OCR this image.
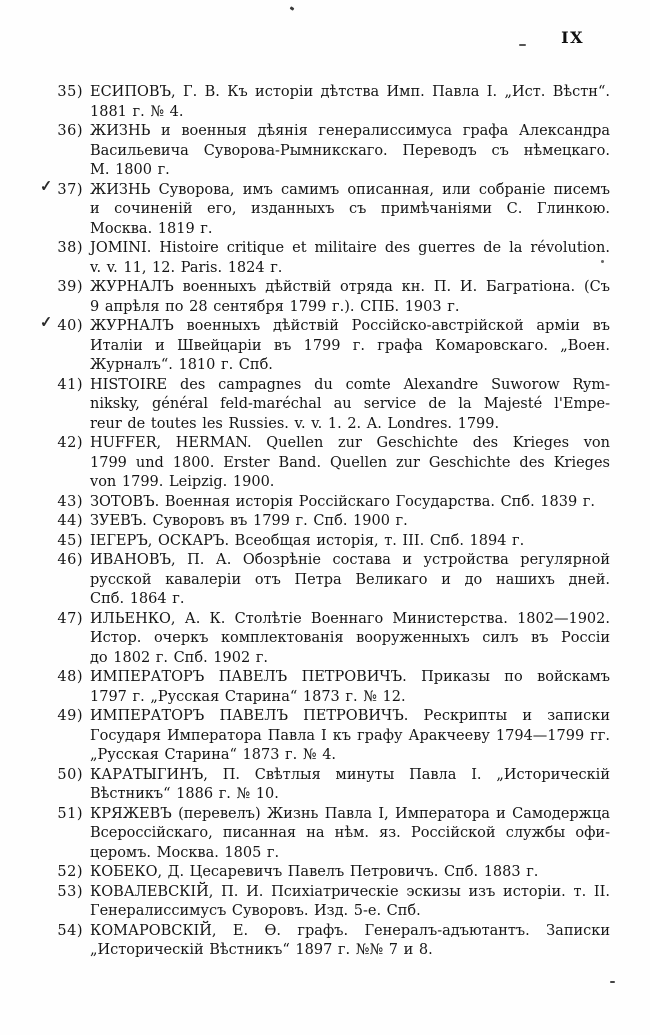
IX
35) ЕСИПОВЪ, Г. В. Къ исторіи дѣтства Имп. Павла I. „Ист. Вѣстн“.
1881 г. № 4.
36) ЖИЗНЬ и военныя дѣянія генералиссимуса графа Александра
Васильевича Суворова-Рымникскаго. Переводъ съ нѣмецкаго.
М. 1800 г.
✓ 37) ЖИЗНЬ Суворова, имъ самимъ описанная, или собраніе писемъ
и сочиненій его, изданныхъ съ примѣчаніями С. Глинкою.
Москва. 1819 г.
38) JOMINI. Histoire critique et militaire des guerres de la révolution.
v. v. 11, 12. Paris. 1824 г.
39) ЖУРНАЛЪ военныхъ дѣйствій отряда кн. П. И. Багратіона. (Съ
9 апрѣля по 28 сентября 1799 г.). СПБ. 1903 г.
✓ 40) ЖУРНАЛЪ военныхъ дѣйствій Россійско-австрійской арміи въ
Италіи и Швейцаріи въ 1799 г. графа Комаровскаго. „Воен.
Журналъ“. 1810 г. Спб.
41) HISTOIRE des campagnes du comte Alexandre Suworow Rym-
niksky, général feld-maréchal au service de la Majesté l'Empe-
reur de toutes les Russies. v. v. 1. 2. A. Londres. 1799.
42) HUFFER, HERMAN. Quellen zur Geschichte des Krieges von
1799 und 1800. Erster Band. Quellen zur Geschichte des Krieges
von 1799. Leipzig. 1900.
43) ЗОТОВЪ. Военная исторія Россійскаго Государства. Спб. 1839 г.
44) ЗУЕВЪ. Суворовъ въ 1799 г. Спб. 1900 г.
45) ІЕГЕРЪ, ОСКАРЪ. Всеобщая исторія, т. III. Спб. 1894 г.
46) ИВАНОВЪ, П. А. Обозрѣніе состава и устройства регулярной
русской кавалеріи отъ Петра Великаго и до нашихъ дней.
Спб. 1864 г.
47) ИЛЬЕНКО, А. К. Столѣтіе Военнаго Министерства. 1802—1902.
Истор. очеркъ комплектованія вооруженныхъ силъ въ Россіи
до 1802 г. Спб. 1902 г.
48) ИМПЕРАТОРЪ ПАВЕЛЪ ПЕТРОВИЧЪ. Приказы по войскамъ
1797 г. „Русская Старина“ 1873 г. № 12.
49) ИМПЕРАТОРЪ ПАВЕЛЪ ПЕТРОВИЧЪ. Рескрипты и записки
Государя Императора Павла I къ графу Аракчееву 1794—1799 гг.
„Русская Старина“ 1873 г. № 4.
50) КАРАТЫГИНЪ, П. Свѣтлыя минуты Павла I. „Историческій
Вѣстникъ“ 1886 г. № 10.
51) КРЯЖЕВЪ (перевелъ) Жизнь Павла I, Императора и Самодержца
Всероссійскаго, писанная на нѣм. яз. Россійской службы офи-
церомъ. Москва. 1805 г.
52) КОБЕКО, Д. Цесаревичъ Павелъ Петровичъ. Спб. 1883 г.
53) КОВАЛЕВСКІЙ, П. И. Психіатрическіе эскизы изъ исторіи. т. II.
Генералиссимусъ Суворовъ. Изд. 5-е. Спб.
54) КОМАРОВСКІЙ, Е. Ѳ. графъ. Генералъ-адъютантъ. Записки
„Историческій Вѣстникъ“ 1897 г. №№ 7 и 8.
